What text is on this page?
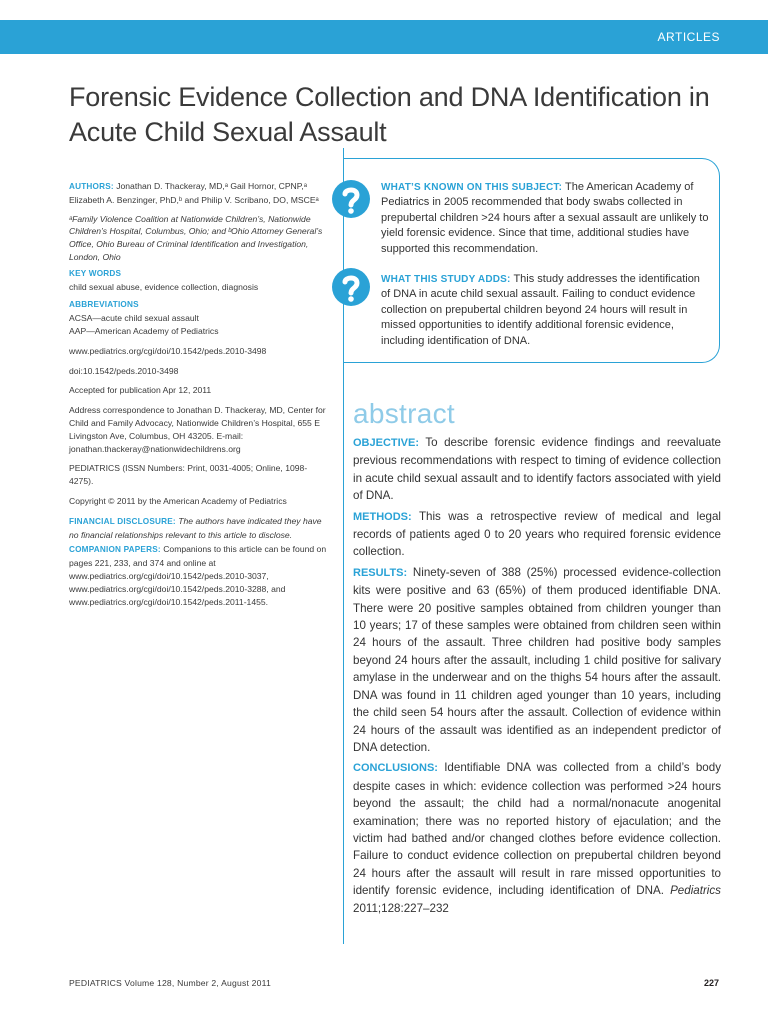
ARTICLES
Forensic Evidence Collection and DNA Identification in Acute Child Sexual Assault

AUTHORS: Jonathan D. Thackeray, MD,ᵃ Gail Hornor, CPNP,ᵃ Elizabeth A. Benzinger, PhD,ᵇ and Philip V. Scribano, DO, MSCEᵃ

ᵃFamily Violence Coalition at Nationwide Children’s, Nationwide Children’s Hospital, Columbus, Ohio; and ᵇOhio Attorney General’s Office, Ohio Bureau of Criminal Identification and Investigation, London, Ohio

KEY WORDS
child sexual abuse, evidence collection, diagnosis

ABBREVIATIONS
ACSA—acute child sexual assault
AAP—American Academy of Pediatrics

www.pediatrics.org/cgi/doi/10.1542/peds.2010-3498

doi:10.1542/peds.2010-3498

Accepted for publication Apr 12, 2011

Address correspondence to Jonathan D. Thackeray, MD, Center for Child and Family Advocacy, Nationwide Children’s Hospital, 655 E Livingston Ave, Columbus, OH 43205. E-mail: jonathan.thackeray@nationwidechildrens.org

PEDIATRICS (ISSN Numbers: Print, 0031-4005; Online, 1098-4275).

Copyright © 2011 by the American Academy of Pediatrics

FINANCIAL DISCLOSURE: The authors have indicated they have no financial relationships relevant to this article to disclose.

COMPANION PAPERS: Companions to this article can be found on pages 221, 233, and 374 and online at www.pediatrics.org/cgi/doi/10.1542/peds.2010-3037, www.pediatrics.org/cgi/doi/10.1542/peds.2010-3288, and www.pediatrics.org/cgi/doi/10.1542/peds.2011-1455.

WHAT’S KNOWN ON THIS SUBJECT: The American Academy of Pediatrics in 2005 recommended that body swabs collected in prepubertal children >24 hours after a sexual assault are unlikely to yield forensic evidence. Since that time, additional studies have supported this recommendation.
WHAT THIS STUDY ADDS: This study addresses the identification of DNA in acute child sexual assault. Failing to conduct evidence collection on prepubertal children beyond 24 hours will result in missed opportunities to identify additional forensic evidence, including identification of DNA.
abstract

OBJECTIVE: To describe forensic evidence findings and reevaluate previous recommendations with respect to timing of evidence collection in acute child sexual assault and to identify factors associated with yield of DNA.

METHODS: This was a retrospective review of medical and legal records of patients aged 0 to 20 years who required forensic evidence collection.

RESULTS: Ninety-seven of 388 (25%) processed evidence-collection kits were positive and 63 (65%) of them produced identifiable DNA. There were 20 positive samples obtained from children younger than 10 years; 17 of these samples were obtained from children seen within 24 hours of the assault. Three children had positive body samples beyond 24 hours after the assault, including 1 child positive for salivary amylase in the underwear and on the thighs 54 hours after the assault. DNA was found in 11 children aged younger than 10 years, including the child seen 54 hours after the assault. Collection of evidence within 24 hours of the assault was identified as an independent predictor of DNA detection.

CONCLUSIONS: Identifiable DNA was collected from a child’s body despite cases in which: evidence collection was performed >24 hours beyond the assault; the child had a normal/nonacute anogenital examination; there was no reported history of ejaculation; and the victim had bathed and/or changed clothes before evidence collection. Failure to conduct evidence collection on prepubertal children beyond 24 hours after the assault will result in rare missed opportunities to identify forensic evidence, including identification of DNA. Pediatrics 2011;128:227–232

PEDIATRICS Volume 128, Number 2, August 2011	227
